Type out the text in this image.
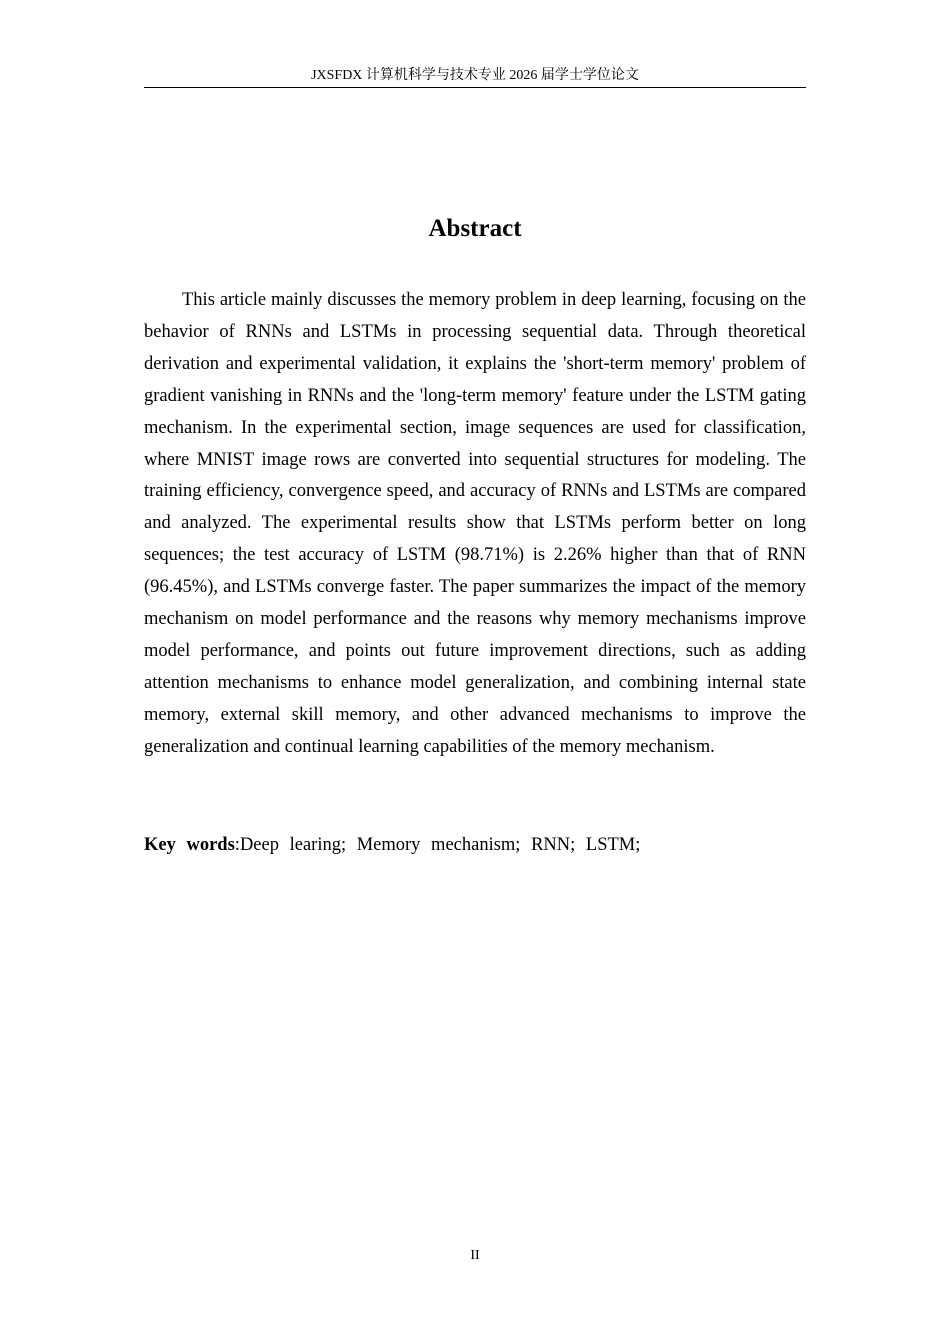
JXSFDX 计算机科学与技术专业 2026 届学士学位论文
Abstract

This article mainly discusses the memory problem in deep learning, focusing on the behavior of RNNs and LSTMs in processing sequential data. Through theoretical derivation and experimental validation, it explains the 'short-term memory' problem of gradient vanishing in RNNs and the 'long-term memory' feature under the LSTM gating mechanism. In the experimental section, image sequences are used for classification, where MNIST image rows are converted into sequential structures for modeling. The training efficiency, convergence speed, and accuracy of RNNs and LSTMs are compared and analyzed. The experimental results show that LSTMs perform better on long sequences; the test accuracy of LSTM (98.71%) is 2.26% higher than that of RNN (96.45%), and LSTMs converge faster. The paper summarizes the impact of the memory mechanism on model performance and the reasons why memory mechanisms improve model performance, and points out future improvement directions, such as adding attention mechanisms to enhance model generalization, and combining internal state memory, external skill memory, and other advanced mechanisms to improve the generalization and continual learning capabilities of the memory mechanism.

Key words:Deep learing; Memory mechanism; RNN; LSTM;

II
